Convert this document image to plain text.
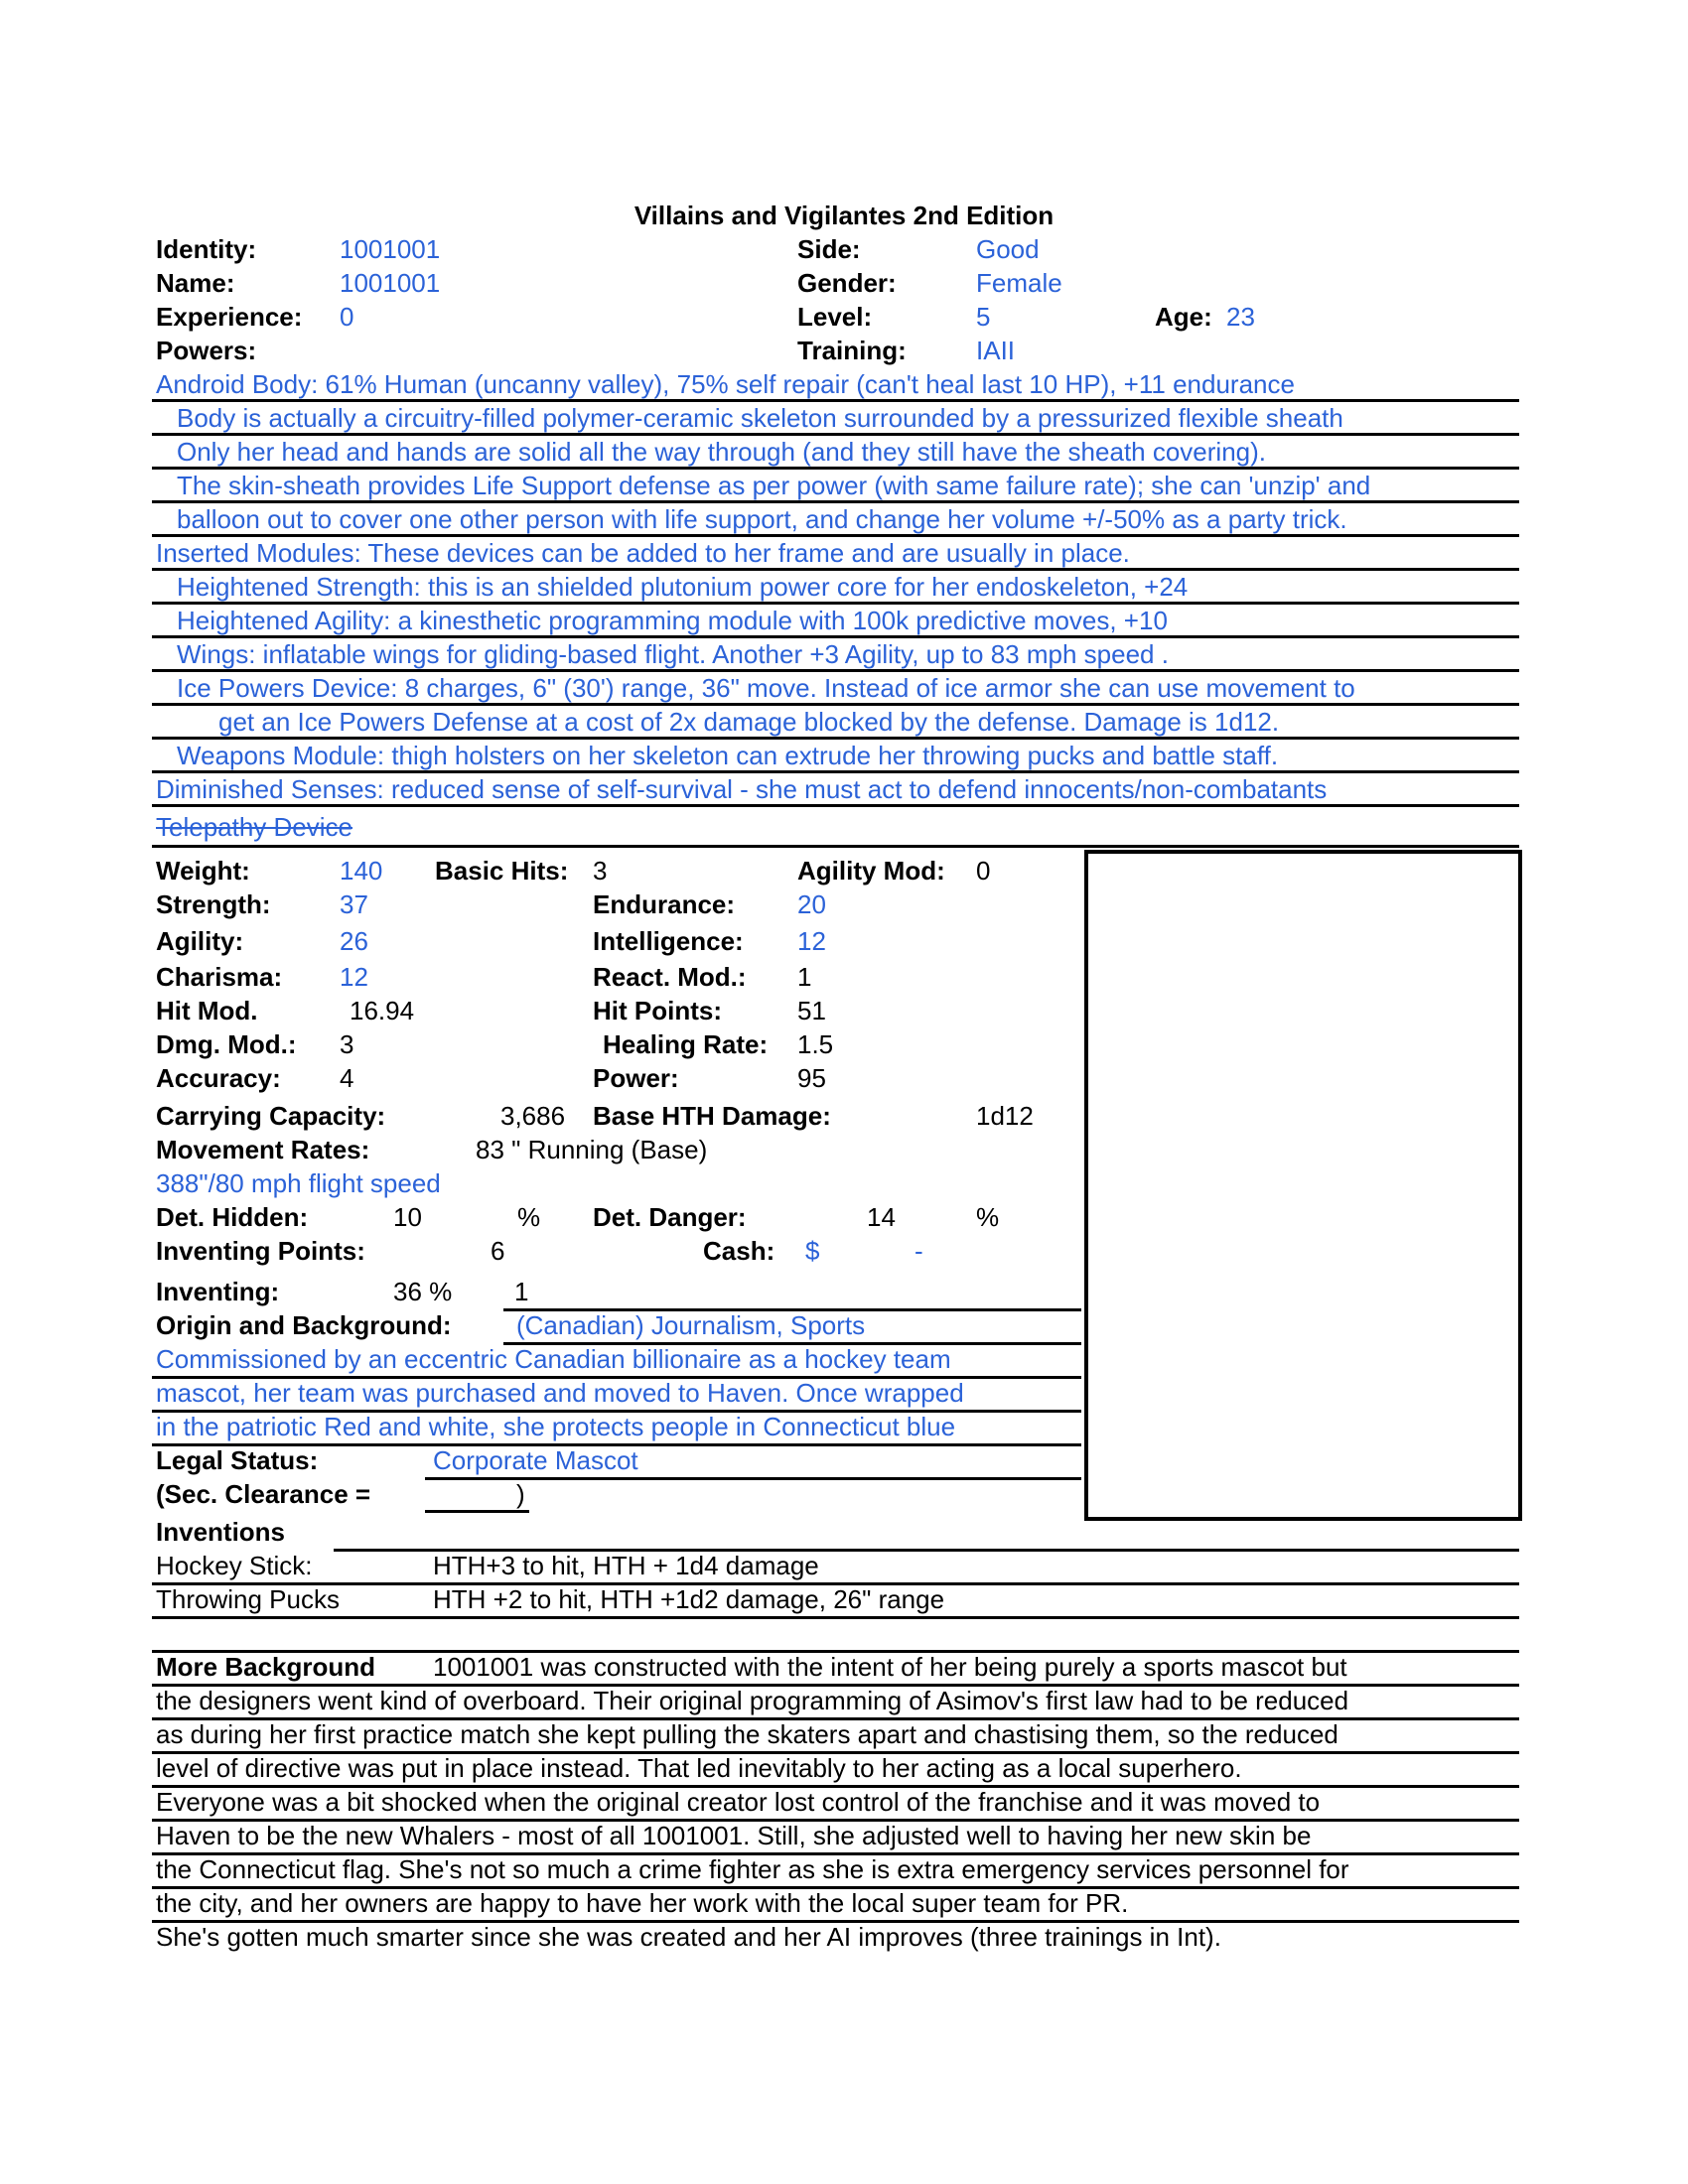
Villains and Vigilantes 2nd Edition
Identity:	1001001
Name:	1001001
Experience: 0
Powers:
Side:	Good
Gender:	Female
Level:	5	Age: 23
Training:	IAII
Android Body: 61% Human (uncanny valley), 75% self repair (can't heal last 10 HP), +11 endurance
Body is actually a circuitry-filled polymer-ceramic skeleton surrounded by a pressurized flexible sheath
Only her head and hands are solid all the way through (and they still have the sheath covering).
The skin-sheath provides Life Support defense as per power (with same failure rate); she can 'unzip' and
balloon out to cover one other person with life support, and change her volume +/-50% as a party trick.
Inserted Modules: These devices can be added to her frame and are usually in place.
Heightened Strength: this is an shielded plutonium power core for her endoskeleton, +24
Heightened Agility: a kinesthetic programming module with 100k predictive moves, +10
Wings: inflatable wings for gliding-based flight. Another +3 Agility, up to 83 mph speed .
Ice Powers Device: 8 charges, 6" (30') range, 36" move. Instead of ice armor she can use movement to
get an Ice Powers Defense at a cost of 2x damage blocked by the defense. Damage is 1d12.
Weapons Module: thigh holsters on her skeleton can extrude her throwing pucks and battle staff.
Diminished Senses: reduced sense of self-survival - she must act to defend innocents/non-combatants
Telepathy Device
Weight:	140 Basic Hits: 3	Agility Mod: 0
Strength:	37	Endurance: 20
Agility:	26	Intelligence: 12
Charisma: 12	React. Mod.: 1
Hit Mod.	16.94	Hit Points:	51
Dmg. Mod.: 3	Healing Rate: 1.5
Accuracy: 4	Power:	95
Carrying Capacity:	3,686 Base HTH Damage:	1d12
Movement Rates:	83 " Running (Base)
388"/80 mph flight speed
Det. Hidden:	10	% Det. Danger:	14	%
Inventing Points:	6	Cash: $	-
Inventing:	36 % 1
Origin and Background:	(Canadian) Journalism, Sports
Commissioned by an eccentric Canadian billionaire as a hockey team
mascot, her team was purchased and moved to Haven. Once wrapped
in the patriotic Red and white, she protects people in Connecticut blue
Legal Status:	Corporate Mascot
(Sec. Clearance =	)
Inventions
Hockey Stick:	HTH+3 to hit, HTH + 1d4 damage
Throwing Pucks	HTH +2 to hit, HTH +1d2 damage, 26" range
More Background 1001001 was constructed with the intent of her being purely a sports mascot but
the designers went kind of overboard. Their original programming of Asimov's first law had to be reduced
as during her first practice match she kept pulling the skaters apart and chastising them, so the reduced
level of directive was put in place instead. That led inevitably to her acting as a local superhero.
Everyone was a bit shocked when the original creator lost control of the franchise and it was moved to
Haven to be the new Whalers - most of all 1001001. Still, she adjusted well to having her new skin be
the Connecticut flag. She's not so much a crime fighter as she is extra emergency services personnel for
the city, and her owners are happy to have her work with the local super team for PR.
She's gotten much smarter since she was created and her AI improves (three trainings in Int).
